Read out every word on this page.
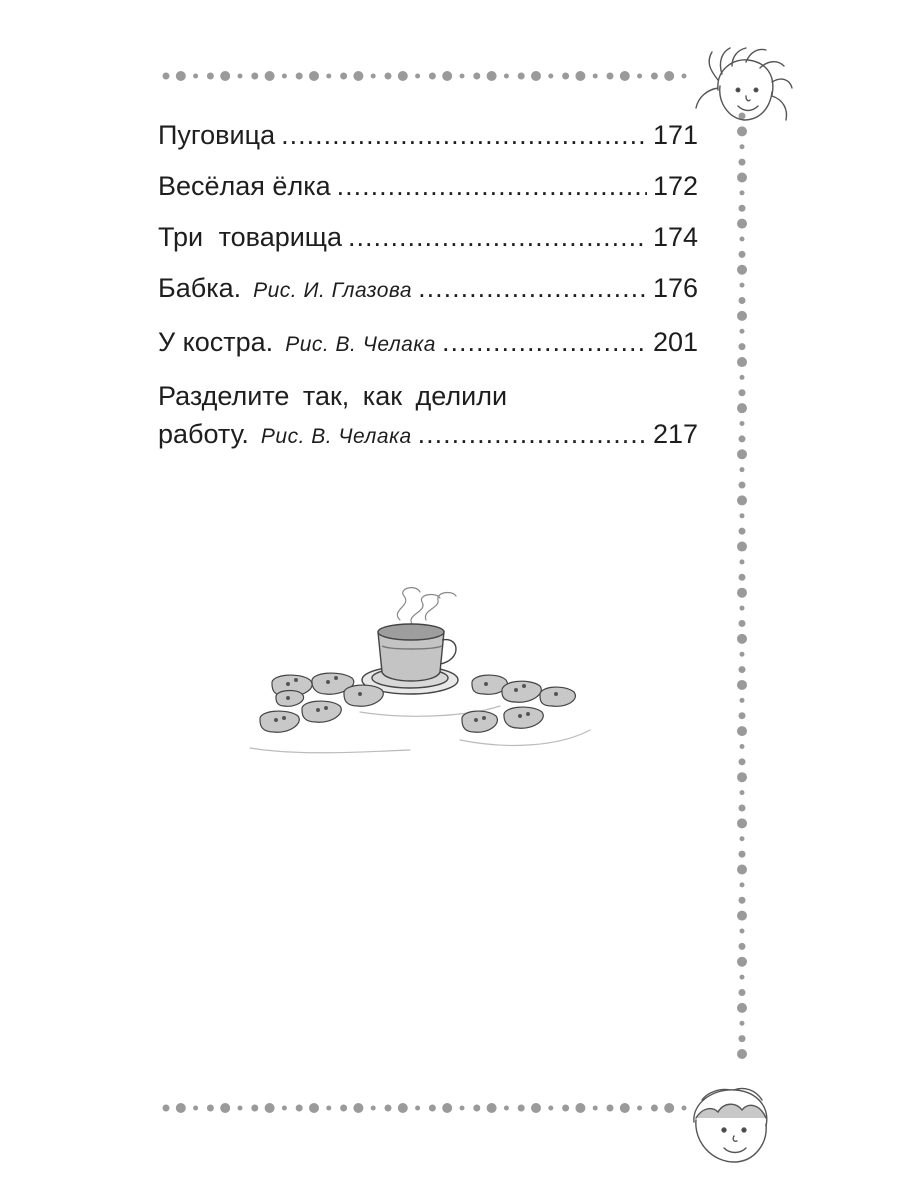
Пуговица .....	171
Весёлая ёлка .....	172
Три товарища .....	174
Бабка. Рис. И. Глазова .....	176
У костра. Рис. В. Челака .....	201
Разделите так, как делили
работу. Рис. В. Челака .....	217
